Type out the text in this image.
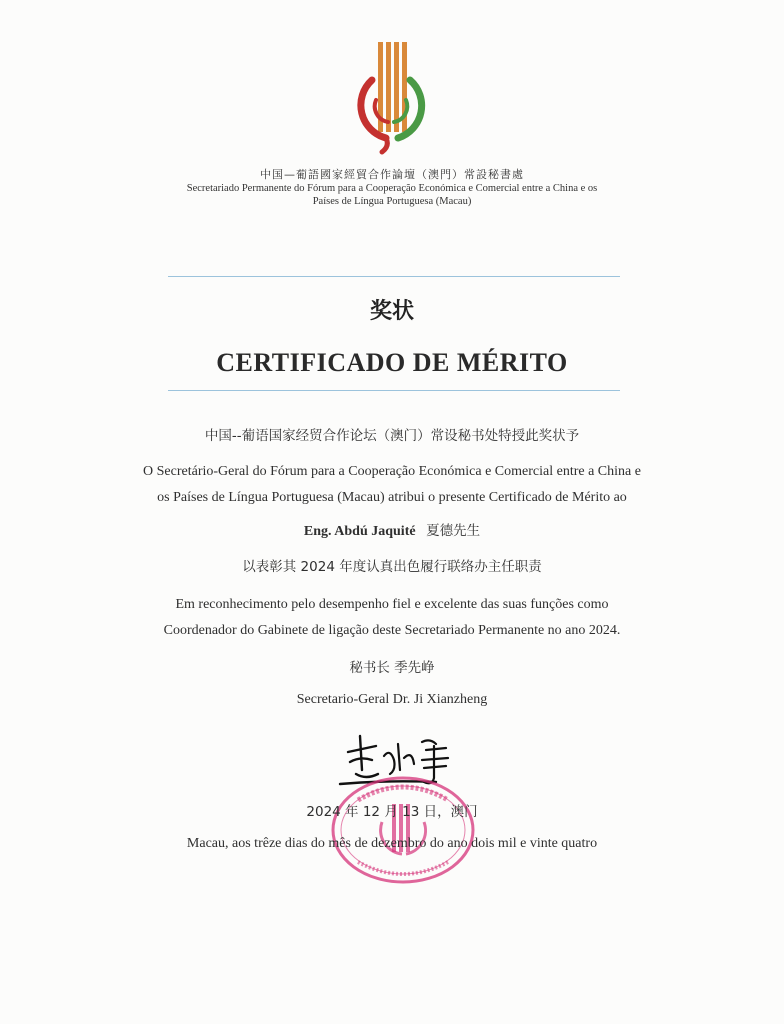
中国—葡語國家經貿合作論壇（澳門）常設秘書處
Secretariado Permanente do Fórum para a Cooperação Económica e Comercial entre a China e os
Países de Língua Portuguesa (Macau)
奖状
CERTIFICADO DE MÉRITO
中国--葡语国家经贸合作论坛（澳门）常设秘书处特授此奖状予
O Secretário-Geral do Fórum para a Cooperação Económica e Comercial entre a China e
os Países de Língua Portuguesa (Macau) atribui o presente Certificado de Mérito ao
Eng. Abdú Jaquité 夏德先生
以表彰其 2024 年度认真出色履行联络办主任职责
Em reconhecimento pelo desempenho fiel e excelente das suas funções como
Coordenador do Gabinete de ligação deste Secretariado Permanente no ano 2024.
秘书长 季先峥
Secretario-Geral Dr. Ji Xianzheng
2024 年 12 月 13 日，澳门
Macau, aos trêze dias do mês de dezembro do ano dois mil e vinte quatro
